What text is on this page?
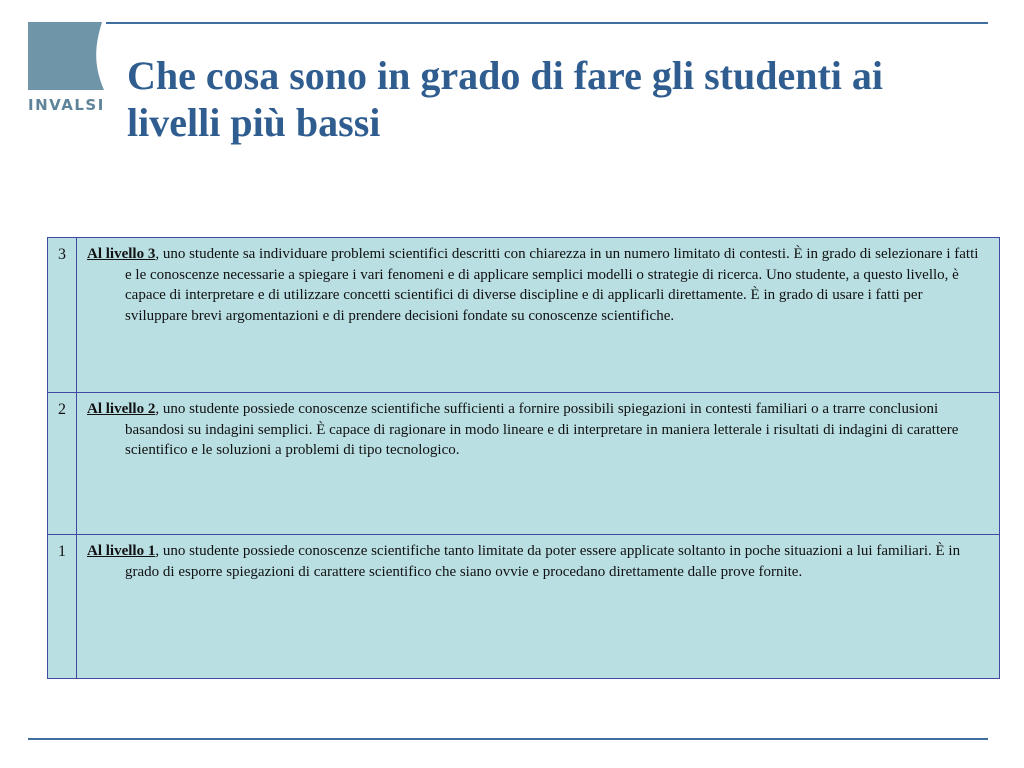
INVALSI
Che cosa sono in grado di fare gli studenti ai livelli più bassi
3	Al livello 3, uno studente sa individuare problemi scientifici descritti con chiarezza in un numero limitato di contesti. È in grado di selezionare i fatti e le conoscenze necessarie a spiegare i vari fenomeni e di applicare semplici modelli o strategie di ricerca. Uno studente, a questo livello, è capace di interpretare e di utilizzare concetti scientifici di diverse discipline e di applicarli direttamente. È in grado di usare i fatti per sviluppare brevi argomentazioni e di prendere decisioni fondate su conoscenze scientifiche.
2	Al livello 2, uno studente possiede conoscenze scientifiche sufficienti a fornire possibili spiegazioni in contesti familiari o a trarre conclusioni basandosi su indagini semplici. È capace di ragionare in modo lineare e di interpretare in maniera letterale i risultati di indagini di carattere scientifico e le soluzioni a problemi di tipo tecnologico.
1	Al livello 1, uno studente possiede conoscenze scientifiche tanto limitate da poter essere applicate soltanto in poche situazioni a lui familiari. È in grado di esporre spiegazioni di carattere scientifico che siano ovvie e procedano direttamente dalle prove fornite.
